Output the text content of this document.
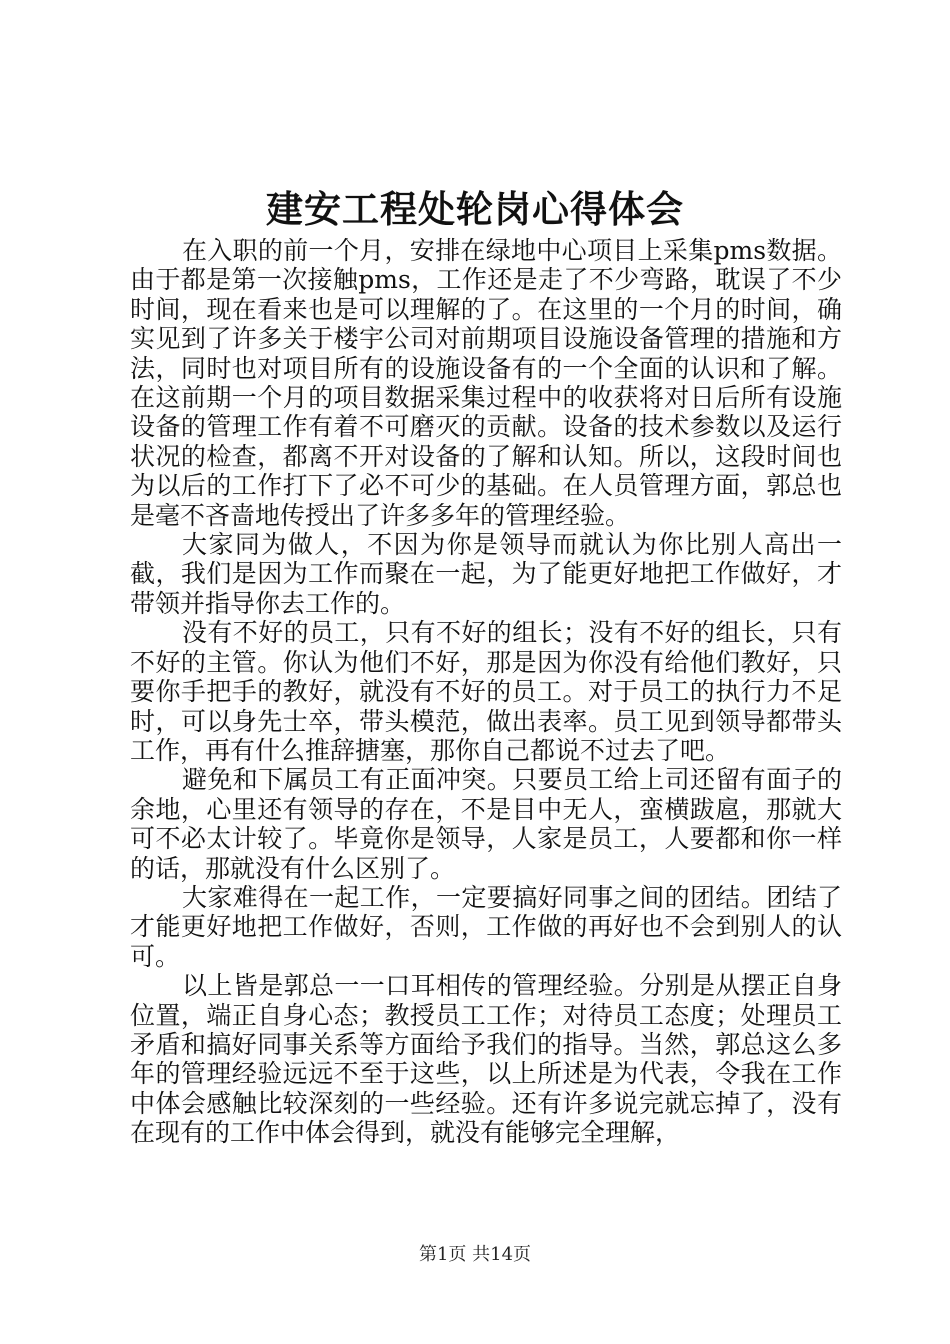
建安工程处轮岗心得体会

在入职的前一个月，安排在绿地中心项目上采集pms数据。由于都是第一次接触pms，工作还是走了不少弯路，耽误了不少时间，现在看来也是可以理解的了。在这里的一个月的时间，确实见到了许多关于楼宇公司对前期项目设施设备管理的措施和方法，同时也对项目所有的设施设备有的一个全面的认识和了解。在这前期一个月的项目数据采集过程中的收获将对日后所有设施设备的管理工作有着不可磨灭的贡献。设备的技术参数以及运行状况的检查，都离不开对设备的了解和认知。所以，这段时间也为以后的工作打下了必不可少的基础。在人员管理方面，郭总也是毫不吝啬地传授出了许多多年的管理经验。

大家同为做人，不因为你是领导而就认为你比别人高出一截，我们是因为工作而聚在一起，为了能更好地把工作做好，才带领并指导你去工作的。

没有不好的员工，只有不好的组长；没有不好的组长，只有不好的主管。你认为他们不好，那是因为你没有给他们教好，只要你手把手的教好，就没有不好的员工。对于员工的执行力不足时，可以身先士卒，带头模范，做出表率。员工见到领导都带头工作，再有什么推辞搪塞，那你自己都说不过去了吧。

避免和下属员工有正面冲突。只要员工给上司还留有面子的余地，心里还有领导的存在，不是目中无人，蛮横跋扈，那就大可不必太计较了。毕竟你是领导，人家是员工，人要都和你一样的话，那就没有什么区别了。

大家难得在一起工作，一定要搞好同事之间的团结。团结了才能更好地把工作做好，否则，工作做的再好也不会到别人的认可。

以上皆是郭总一一口耳相传的管理经验。分别是从摆正自身位置，端正自身心态；教授员工工作；对待员工态度；处理员工矛盾和搞好同事关系等方面给予我们的指导。当然，郭总这么多年的管理经验远远不至于这些，以上所述是为代表，令我在工作中体会感触比较深刻的一些经验。还有许多说完就忘掉了，没有在现有的工作中体会得到，就没有能够完全理解，

第1页 共14页
